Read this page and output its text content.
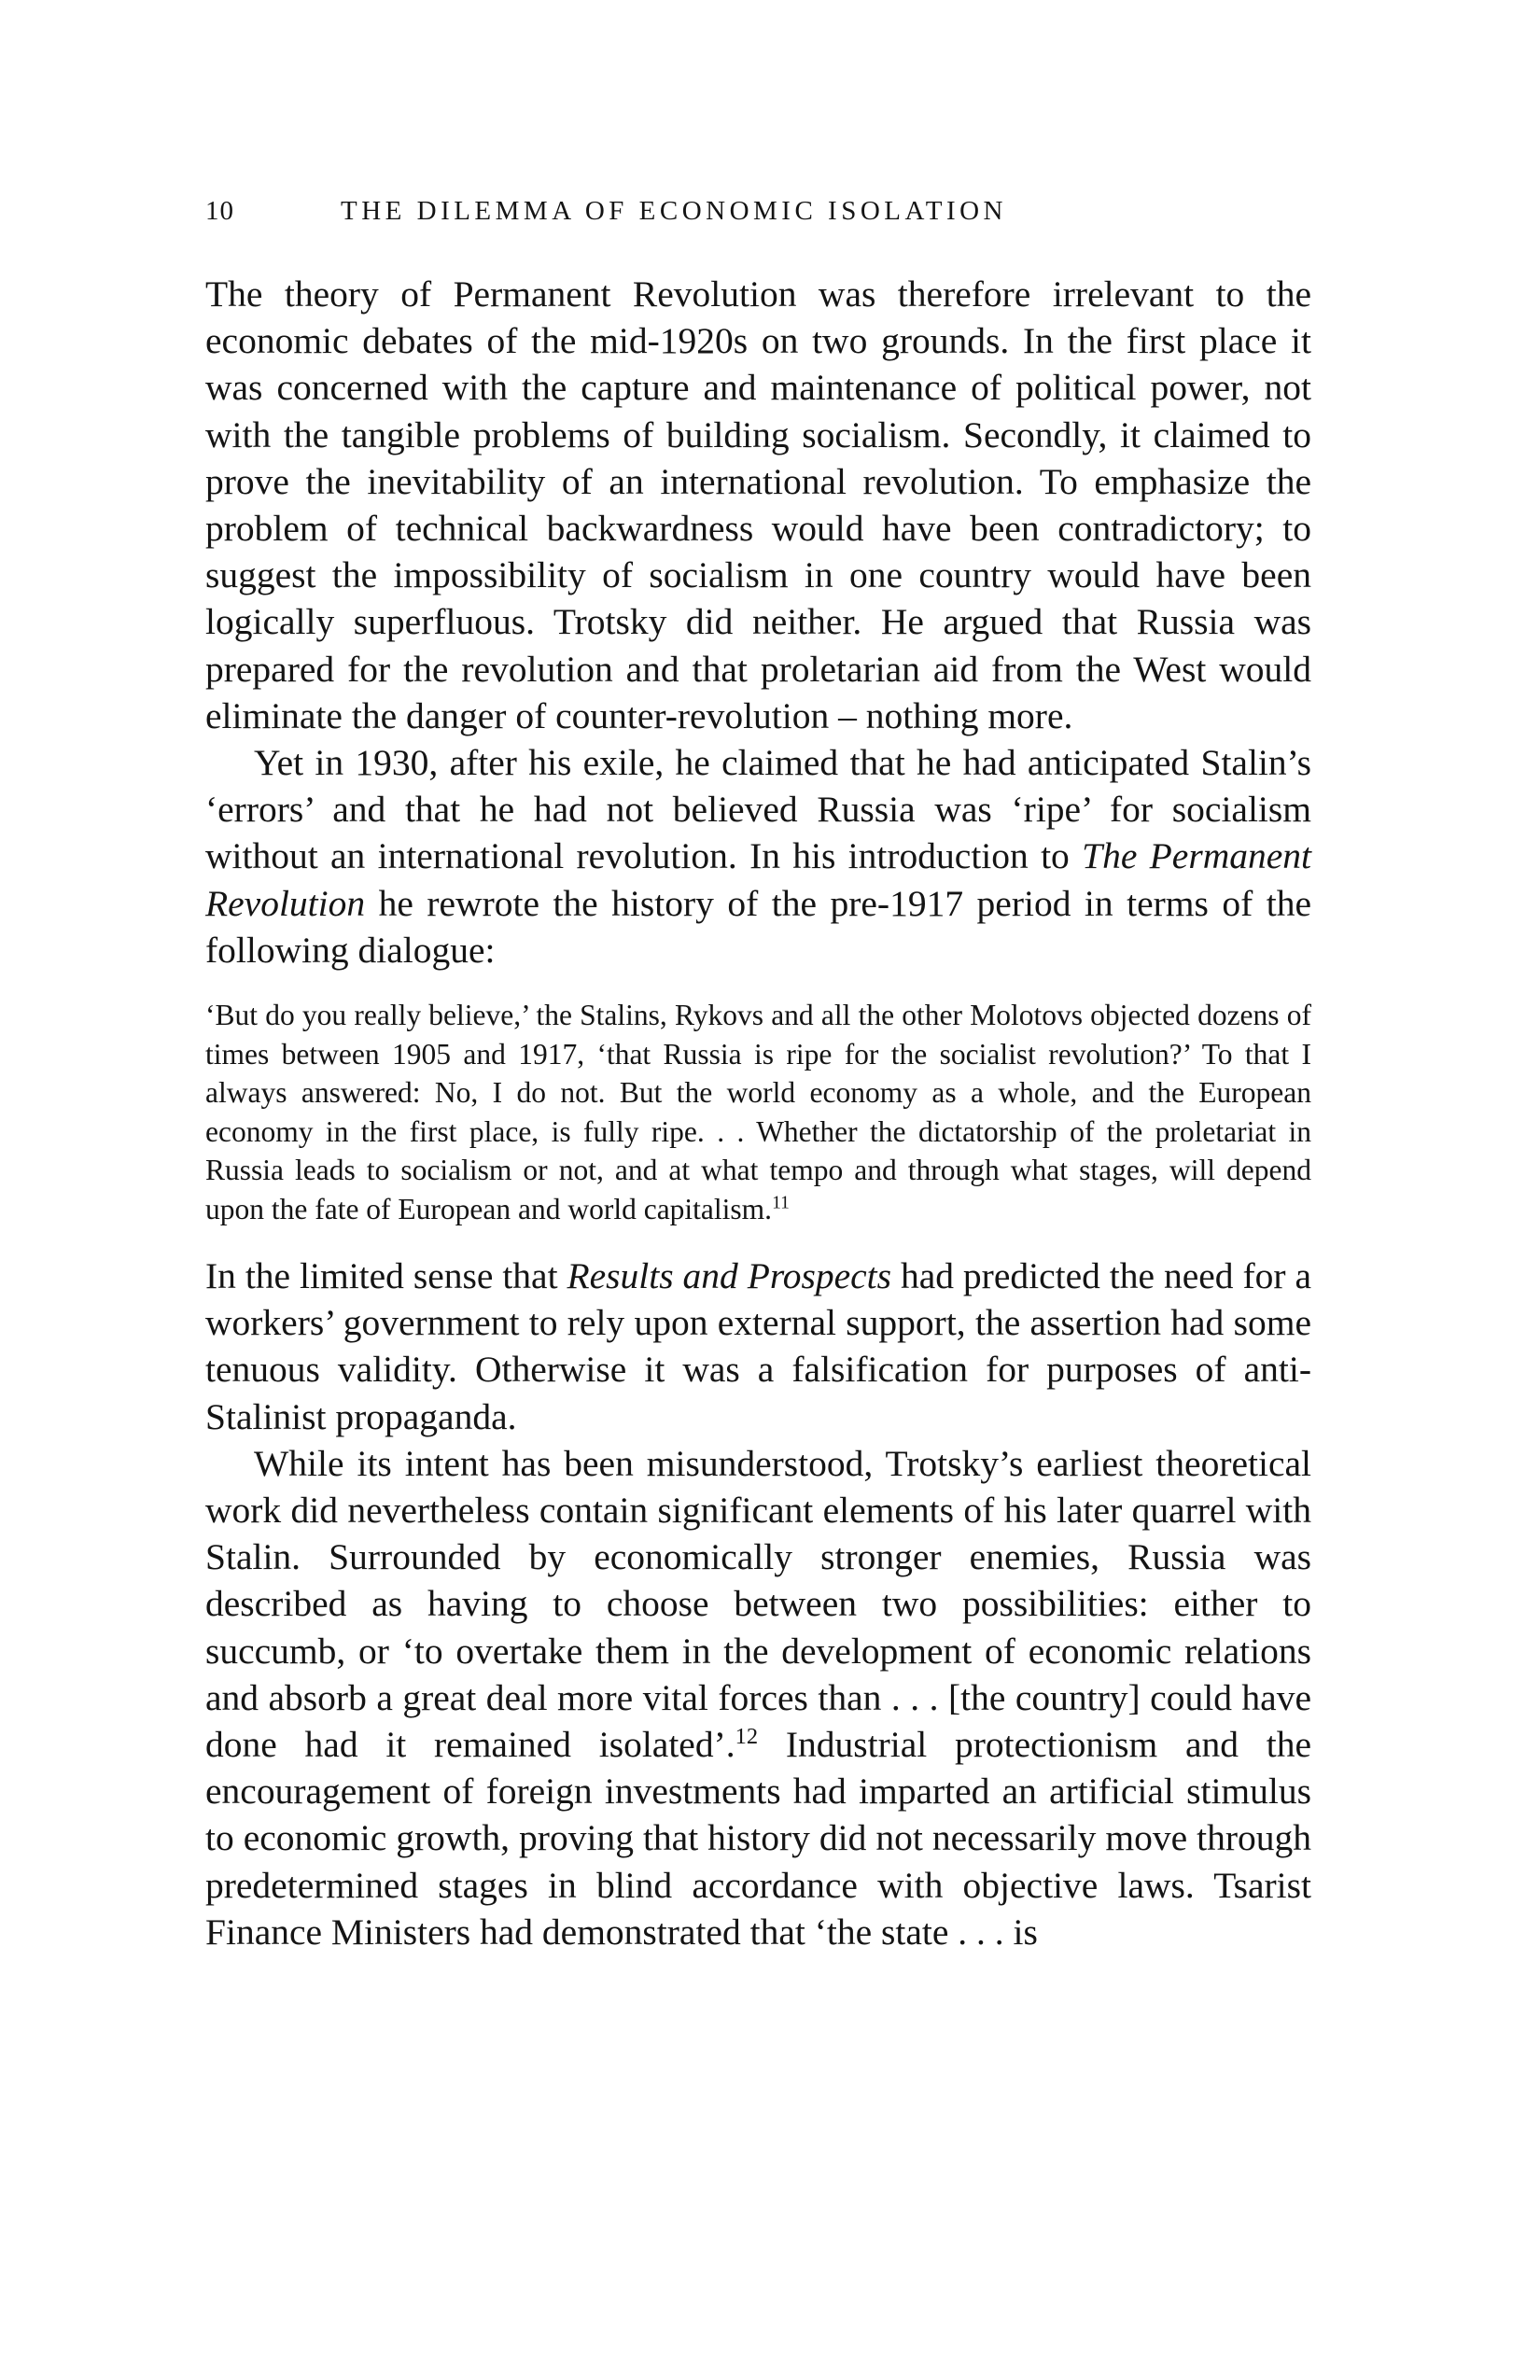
10	THE DILEMMA OF ECONOMIC ISOLATION

The theory of Permanent Revolution was therefore irrelevant to the economic debates of the mid-1920s on two grounds. In the first place it was concerned with the capture and maintenance of political power, not with the tangible problems of building socialism. Secondly, it claimed to prove the inevitability of an international revolution. To emphasize the problem of technical backwardness would have been contradictory; to suggest the impossibility of socialism in one country would have been logically superfluous. Trotsky did neither. He argued that Russia was prepared for the revolution and that proletarian aid from the West would eliminate the danger of counter-revolution – nothing more.

Yet in 1930, after his exile, he claimed that he had anticipated Stalin’s ‘errors’ and that he had not believed Russia was ‘ripe’ for socialism without an international revolution. In his introduction to The Permanent Revolution he rewrote the history of the pre-1917 period in terms of the following dialogue:

‘But do you really believe,’ the Stalins, Rykovs and all the other Molotovs objected dozens of times between 1905 and 1917, ‘that Russia is ripe for the socialist revolution?’ To that I always answered: No, I do not. But the world economy as a whole, and the European economy in the first place, is fully ripe. . . Whether the dictatorship of the proletariat in Russia leads to socialism or not, and at what tempo and through what stages, will depend upon the fate of European and world capitalism.$^{11}$

In the limited sense that Results and Prospects had predicted the need for a workers’ government to rely upon external support, the assertion had some tenuous validity. Otherwise it was a falsification for purposes of anti-Stalinist propaganda.

While its intent has been misunderstood, Trotsky’s earliest theoretical work did nevertheless contain significant elements of his later quarrel with Stalin. Surrounded by economically stronger enemies, Russia was described as having to choose between two possibilities: either to succumb, or ‘to overtake them in the development of economic relations and absorb a great deal more vital forces than . . . [the country] could have done had it remained isolated’.$^{12}$ Industrial protectionism and the encouragement of foreign investments had imparted an artificial stimulus to economic growth, proving that history did not necessarily move through predetermined stages in blind accordance with objective laws. Tsarist Finance Ministers had demonstrated that ‘the state . . . is
